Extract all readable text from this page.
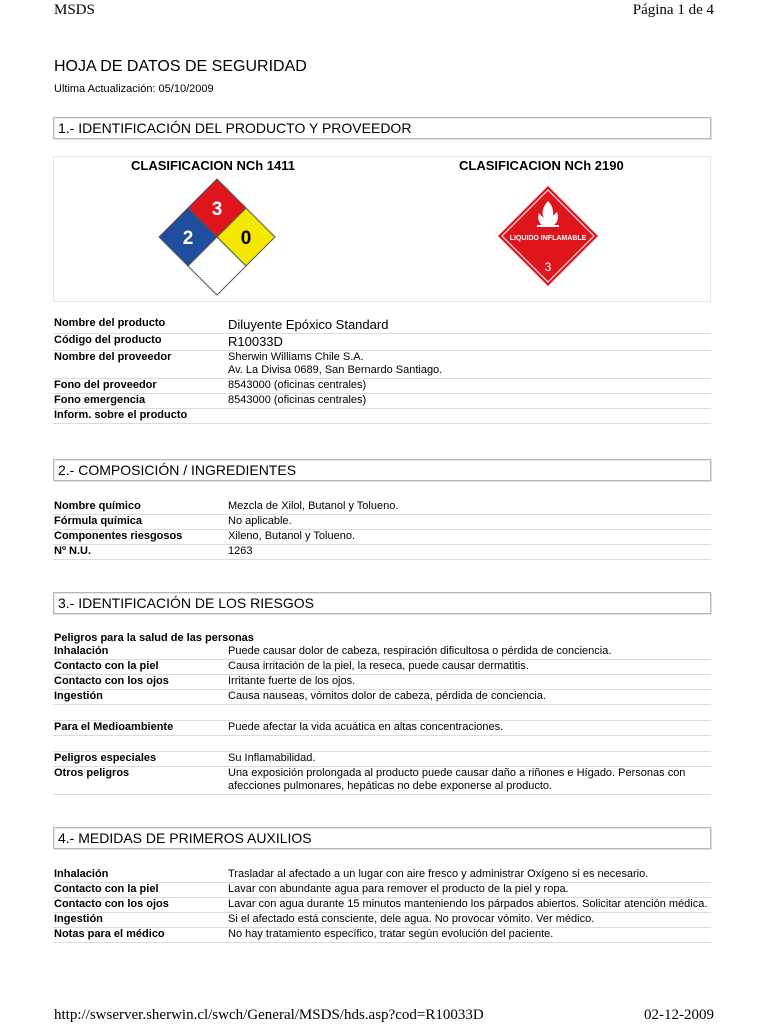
MSDS	Página 1 de 4
HOJA DE DATOS DE SEGURIDAD
Ultima Actualización: 05/10/2009
1.- IDENTIFICACIÓN DEL PRODUCTO Y PROVEEDOR
CLASIFICACION NCh 1411	CLASIFICACION NCh 2190
3
2 0	LIQUIDO INFLAMABLE
3
Nombre del producto	Diluyente Epóxico Standard
Código del producto	R10033D
Nombre del proveedor	Sherwin Williams Chile S.A.
Av. La Divisa 0689, San Bernardo Santiago.

Fono del proveedor	8543000 (oficinas centrales)
Fono emergencia	8543000 (oficinas centrales)
Inform. sobre el producto	
2.- COMPOSICIÓN / INGREDIENTES
Nombre químico	Mezcla de Xilol, Butanol y Tolueno.
Fórmula química	No aplicable.
Componentes riesgosos	Xileno, Butanol y Tolueno.
Nº N.U.	1263
3.- IDENTIFICACIÓN DE LOS RIESGOS
Peligros para la salud de las personas
Inhalación	Puede causar dolor de cabeza, respiración dificultosa o pérdida de conciencia.
Contacto con la piel	Causa irritación de la piel, la reseca, puede causar dermatitis.
Contacto con los ojos	Irritante fuerte de los ojos.
Ingestión	Causa nauseas, vómitos dolor de cabeza, pérdida de conciencia.

Para el Medioambiente	Puede afectar la vida acuática en altas concentraciones.

Peligros especiales	Su Inflamabilidad.
Otros peligros	Una exposición prolongada al producto puede causar daño a riñones e Hígado. Personas con afecciones pulmonares, hepáticas no debe exponerse al producto.
4.- MEDIDAS DE PRIMEROS AUXILIOS
Inhalación	Trasladar al afectado a un lugar con aire fresco y administrar Oxígeno si es necesario.
Contacto con la piel	Lavar con abundante agua para remover el producto de la piel y ropa.
Contacto con los ojos	Lavar con agua durante 15 minutos manteniendo los párpados abiertos. Solicitar atención médica.
Ingestión	Si el afectado está consciente, dele agua. No provocar vómito. Ver médico.
Notas para el médico	No hay tratamiento específico, tratar según evolución del paciente.
http://swserver.sherwin.cl/swch/General/MSDS/hds.asp?cod=R10033D	02-12-2009
